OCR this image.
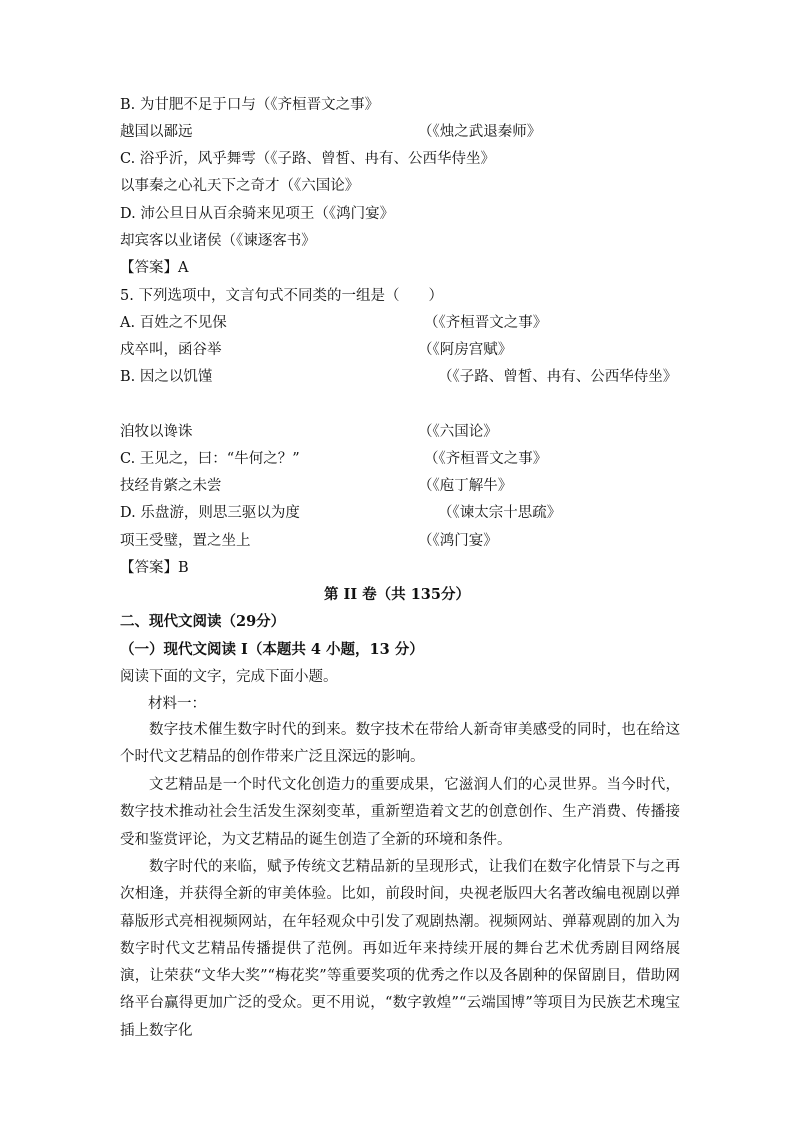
B. 为甘肥不足于口与（《齐桓晋文之事》
越国以鄙远	（《烛之武退秦师》
C. 浴乎沂，风乎舞雩（《子路、曾皙、冉有、公西华侍坐》
以事秦之心礼天下之奇才（《六国论》
D. 沛公旦日从百余骑来见项王（《鸿门宴》
却宾客以业诸侯（《谏逐客书》
【答案】A
5. 下列选项中，文言句式不同类的一组是（　　）
A. 百姓之不见保	（《齐桓晋文之事》
戍卒叫，函谷举	（《阿房宫赋》
B. 因之以饥馑	（《子路、曾皙、冉有、公西华侍坐》
洎牧以谗诛	（《六国论》
C. 王见之，曰：“牛何之？”	（《齐桓晋文之事》
技经肯綮之未尝	（《庖丁解牛》
D. 乐盘游，则思三驱以为度	（《谏太宗十思疏》
项王受璧，置之坐上	（《鸿门宴》
【答案】B
第 II 卷（共 135分）
二、现代文阅读（29分）
（一）现代文阅读 I（本题共 4 小题，13 分）
阅读下面的文字，完成下面小题。
材料一：
数字技术催生数字时代的到来。数字技术在带给人新奇审美感受的同时，也在给这个时代文艺精品的创作带来广泛且深远的影响。
文艺精品是一个时代文化创造力的重要成果，它滋润人们的心灵世界。当今时代，数字技术推动社会生活发生深刻变革，重新塑造着文艺的创意创作、生产消费、传播接受和鉴赏评论，为文艺精品的诞生创造了全新的环境和条件。
数字时代的来临，赋予传统文艺精品新的呈现形式，让我们在数字化情景下与之再次相逢，并获得全新的审美体验。比如，前段时间，央视老版四大名著改编电视剧以弹幕版形式亮相视频网站，在年轻观众中引发了观剧热潮。视频网站、弹幕观剧的加入为数字时代文艺精品传播提供了范例。再如近年来持续开展的舞台艺术优秀剧目网络展演，让荣获“文华大奖”“梅花奖”等重要奖项的优秀之作以及各剧种的保留剧目，借助网络平台赢得更加广泛的受众。更不用说，“数字敦煌”“云端国博”等项目为民族艺术瑰宝插上数字化
